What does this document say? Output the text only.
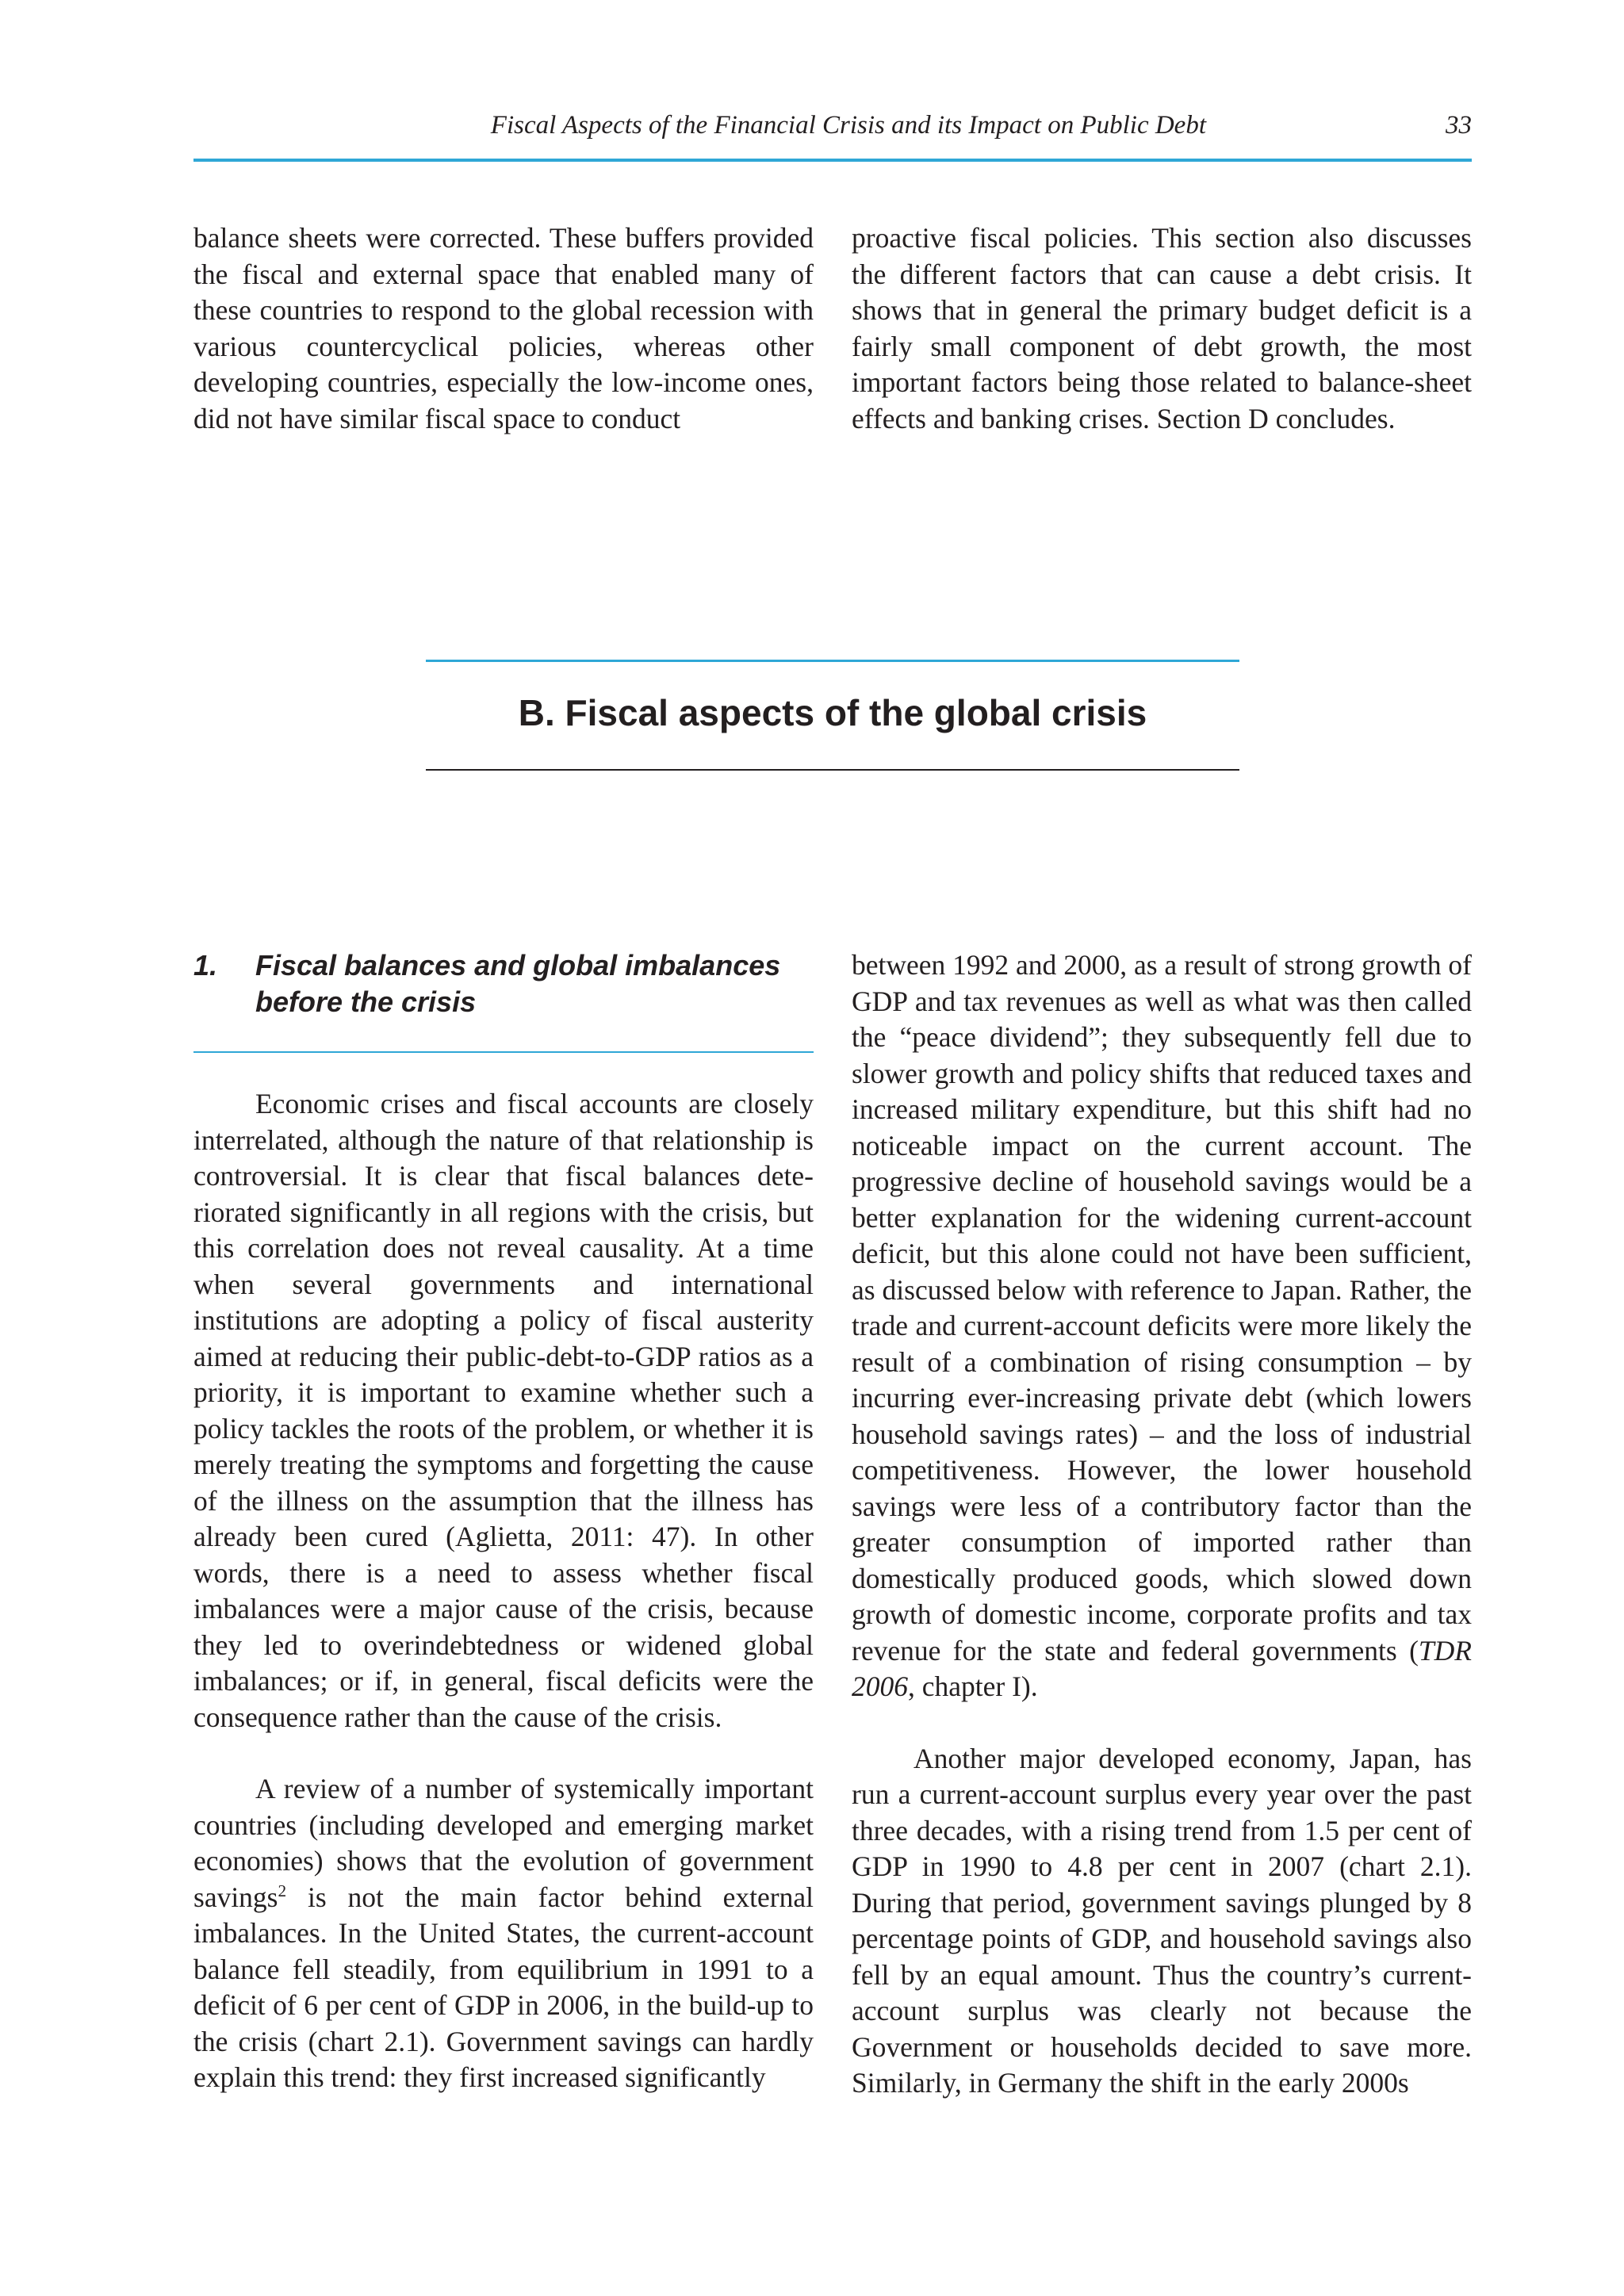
Fiscal Aspects of the Financial Crisis and its Impact on Public Debt	33

balance sheets were corrected. These buffers provided the fiscal and external space that enabled many of these countries to respond to the global recession with various countercyclical policies, whereas other developing countries, especially the low-income ones, did not have similar fiscal space to conduct

proactive fiscal policies. This section also discusses the different factors that can cause a debt crisis. It shows that in general the primary budget deficit is a fairly small component of debt growth, the most important factors being those related to balance-sheet effects and banking crises. Section D concludes.

B. Fiscal aspects of the global crisis
1.	Fiscal balances and global imbalances before the crisis

Economic crises and fiscal accounts are closely interrelated, although the nature of that relationship is controversial. It is clear that fiscal balances deteriorated significantly in all regions with the crisis, but this correlation does not reveal causality. At a time when several governments and international institutions are adopting a policy of fiscal austerity aimed at reducing their public-debt-to-GDP ratios as a priority, it is important to examine whether such a policy tackles the roots of the problem, or whether it is merely treating the symptoms and forgetting the cause of the illness on the assumption that the illness has already been cured (Aglietta, 2011: 47). In other words, there is a need to assess whether fiscal imbalances were a major cause of the crisis, because they led to overindebtedness or widened global imbalances; or if, in general, fiscal deficits were the consequence rather than the cause of the crisis.

A review of a number of systemically important countries (including developed and emerging market economies) shows that the evolution of government savings$^2$ is not the main factor behind external imbalances. In the United States, the current-account balance fell steadily, from equilibrium in 1991 to a deficit of 6 per cent of GDP in 2006, in the build-up to the crisis (chart 2.1). Government savings can hardly explain this trend: they first increased significantly

between 1992 and 2000, as a result of strong growth of GDP and tax revenues as well as what was then called the “peace dividend”; they subsequently fell due to slower growth and policy shifts that reduced taxes and increased military expenditure, but this shift had no noticeable impact on the current account. The progressive decline of household savings would be a better explanation for the widening current-account deficit, but this alone could not have been sufficient, as discussed below with reference to Japan. Rather, the trade and current-account deficits were more likely the result of a combination of rising consumption – by incurring ever-increasing private debt (which lowers household savings rates) – and the loss of industrial competitiveness. However, the lower household savings were less of a contributory factor than the greater consumption of imported rather than domestically produced goods, which slowed down growth of domestic income, corporate profits and tax revenue for the state and federal governments (TDR 2006, chapter I).

Another major developed economy, Japan, has run a current-account surplus every year over the past three decades, with a rising trend from 1.5 per cent of GDP in 1990 to 4.8 per cent in 2007 (chart 2.1). During that period, government savings plunged by 8 percentage points of GDP, and household savings also fell by an equal amount. Thus the country’s current-account surplus was clearly not because the Government or households decided to save more. Similarly, in Germany the shift in the early 2000s
